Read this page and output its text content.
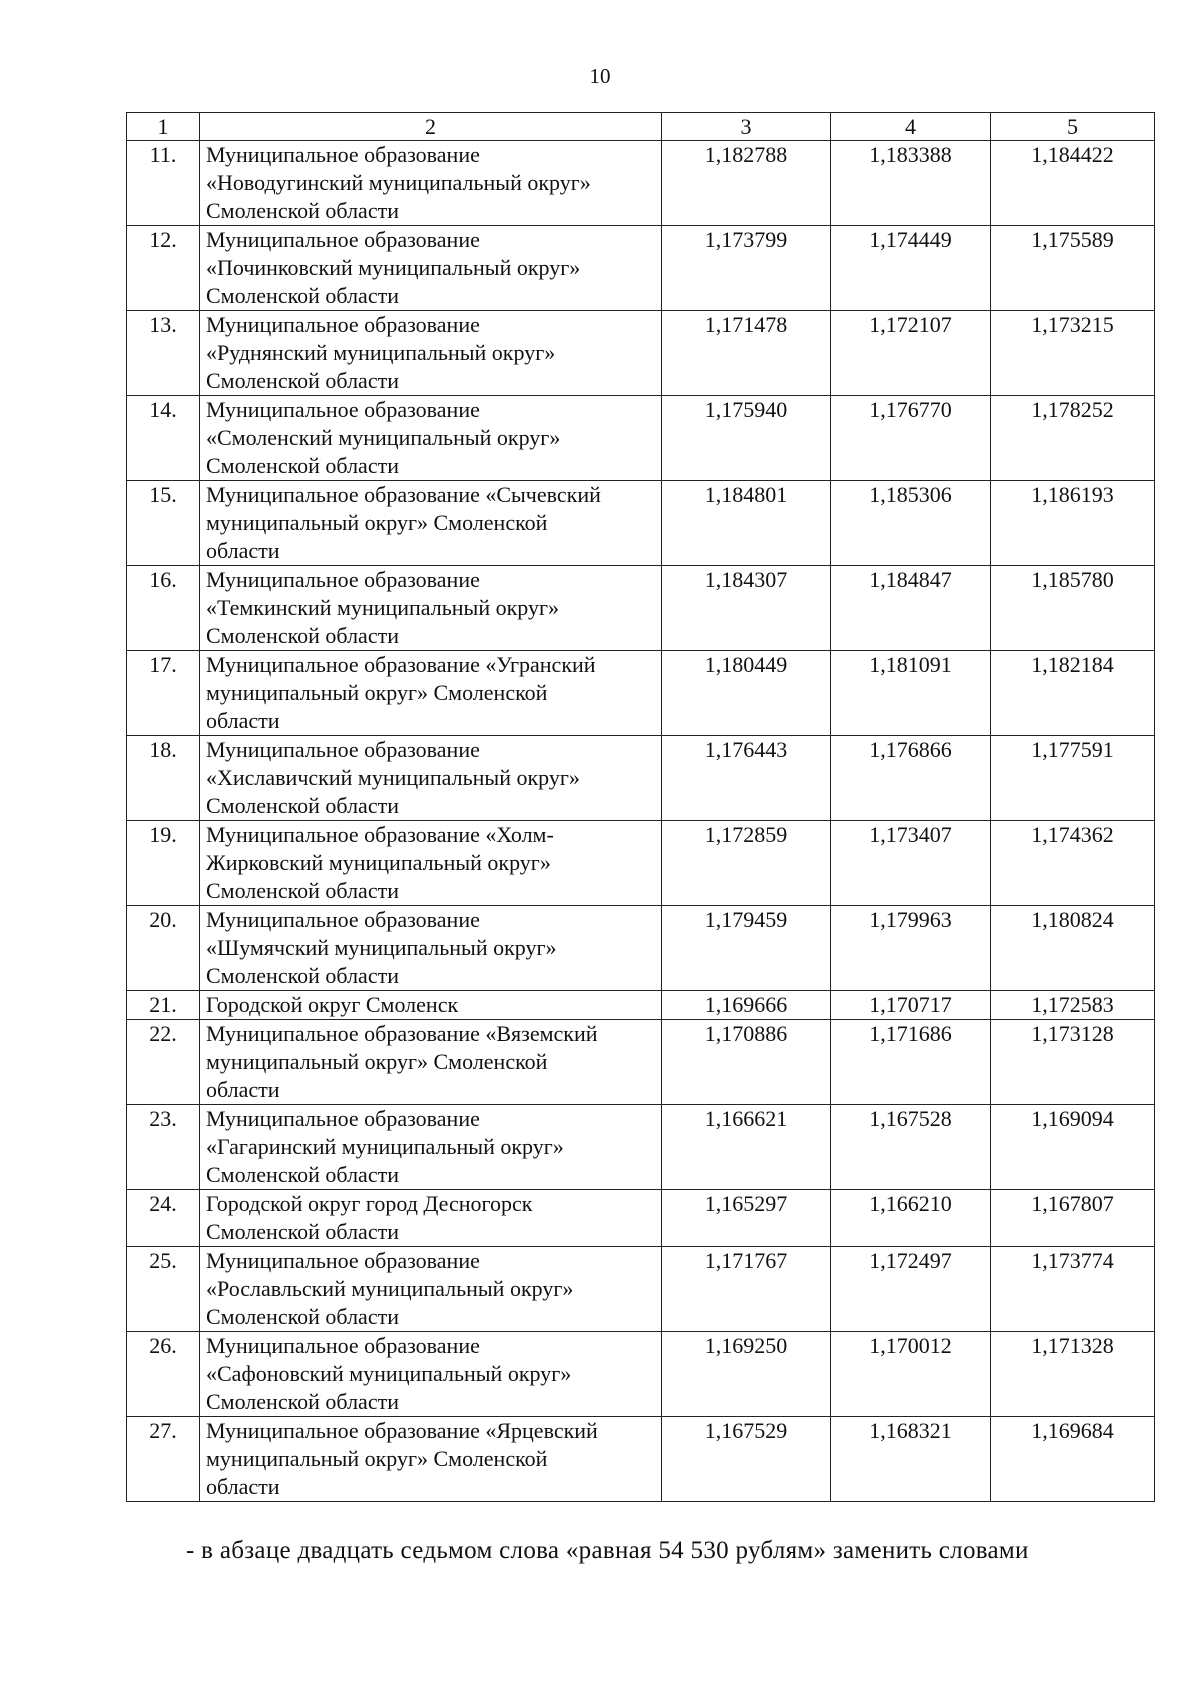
10
1	2	3	4	5
11.	Муниципальное образование
«Новодугинский муниципальный округ»
Смоленской области	1,182788	1,183388	1,184422
12.	Муниципальное образование
«Починковский муниципальный округ»
Смоленской области	1,173799	1,174449	1,175589
13.	Муниципальное образование
«Руднянский муниципальный округ»
Смоленской области	1,171478	1,172107	1,173215
14.	Муниципальное образование
«Смоленский муниципальный округ»
Смоленской области	1,175940	1,176770	1,178252
15.	Муниципальное образование «Сычевский
муниципальный округ» Смоленской
области	1,184801	1,185306	1,186193
16.	Муниципальное образование
«Темкинский муниципальный округ»
Смоленской области	1,184307	1,184847	1,185780
17.	Муниципальное образование «Угранский
муниципальный округ» Смоленской
области	1,180449	1,181091	1,182184
18.	Муниципальное образование
«Хиславичский муниципальный округ»
Смоленской области	1,176443	1,176866	1,177591
19.	Муниципальное образование «Холм-
Жирковский муниципальный округ»
Смоленской области	1,172859	1,173407	1,174362
20.	Муниципальное образование
«Шумячский муниципальный округ»
Смоленской области	1,179459	1,179963	1,180824
21.	Городской округ Смоленск	1,169666	1,170717	1,172583
22.	Муниципальное образование «Вяземский
муниципальный округ» Смоленской
области	1,170886	1,171686	1,173128
23.	Муниципальное образование
«Гагаринский муниципальный округ»
Смоленской области	1,166621	1,167528	1,169094
24.	Городской округ город Десногорск
Смоленской области	1,165297	1,166210	1,167807
25.	Муниципальное образование
«Рославльский муниципальный округ»
Смоленской области	1,171767	1,172497	1,173774
26.	Муниципальное образование
«Сафоновский муниципальный округ»
Смоленской области	1,169250	1,170012	1,171328
27.	Муниципальное образование «Ярцевский
муниципальный округ» Смоленской
области	1,167529	1,168321	1,169684
- в абзаце двадцать седьмом слова «равная 54 530 рублям» заменить словами
